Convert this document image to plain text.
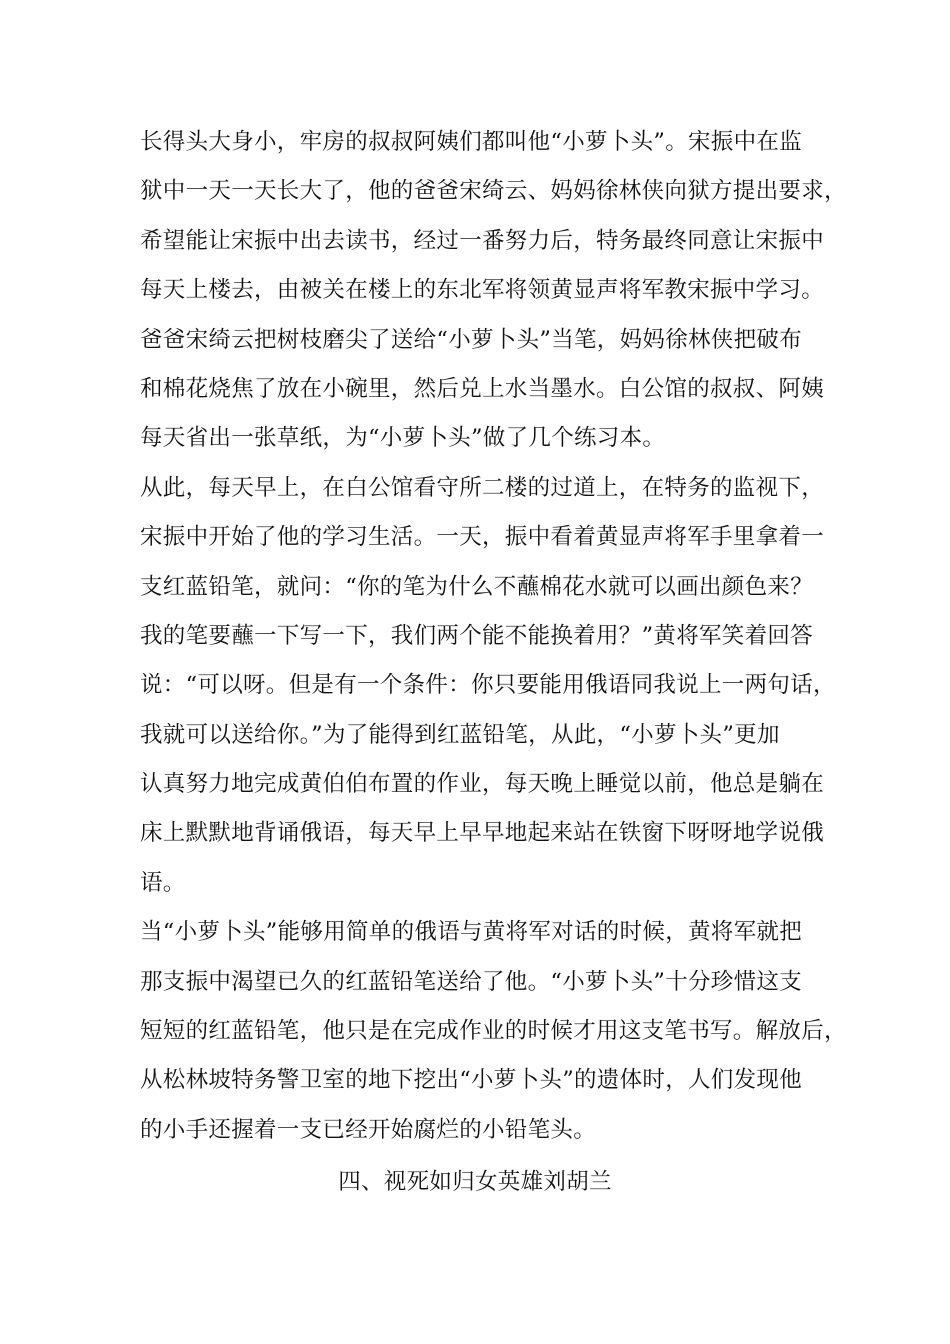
长得头大身小，牢房的叔叔阿姨们都叫他“小萝卜头”。宋振中在监
狱中一天一天长大了，他的爸爸宋绮云、妈妈徐林侠向狱方提出要求，
希望能让宋振中出去读书，经过一番努力后，特务最终同意让宋振中
每天上楼去，由被关在楼上的东北军将领黄显声将军教宋振中学习。
爸爸宋绮云把树枝磨尖了送给“小萝卜头”当笔，妈妈徐林侠把破布
和棉花烧焦了放在小碗里，然后兑上水当墨水。白公馆的叔叔、阿姨
每天省出一张草纸，为“小萝卜头”做了几个练习本。
从此，每天早上，在白公馆看守所二楼的过道上，在特务的监视下，
宋振中开始了他的学习生活。一天，振中看着黄显声将军手里拿着一
支红蓝铅笔，就问：“你的笔为什么不蘸棉花水就可以画出颜色来？
我的笔要蘸一下写一下，我们两个能不能换着用？”黄将军笑着回答
说：“可以呀。但是有一个条件：你只要能用俄语同我说上一两句话，
我就可以送给你。”为了能得到红蓝铅笔，从此，“小萝卜头”更加
认真努力地完成黄伯伯布置的作业，每天晚上睡觉以前，他总是躺在
床上默默地背诵俄语，每天早上早早地起来站在铁窗下呀呀地学说俄
语。
当“小萝卜头”能够用简单的俄语与黄将军对话的时候，黄将军就把
那支振中渴望已久的红蓝铅笔送给了他。“小萝卜头”十分珍惜这支
短短的红蓝铅笔，他只是在完成作业的时候才用这支笔书写。解放后，
从松林坡特务警卫室的地下挖出“小萝卜头”的遗体时，人们发现他
的小手还握着一支已经开始腐烂的小铅笔头。
四、视死如归女英雄刘胡兰
